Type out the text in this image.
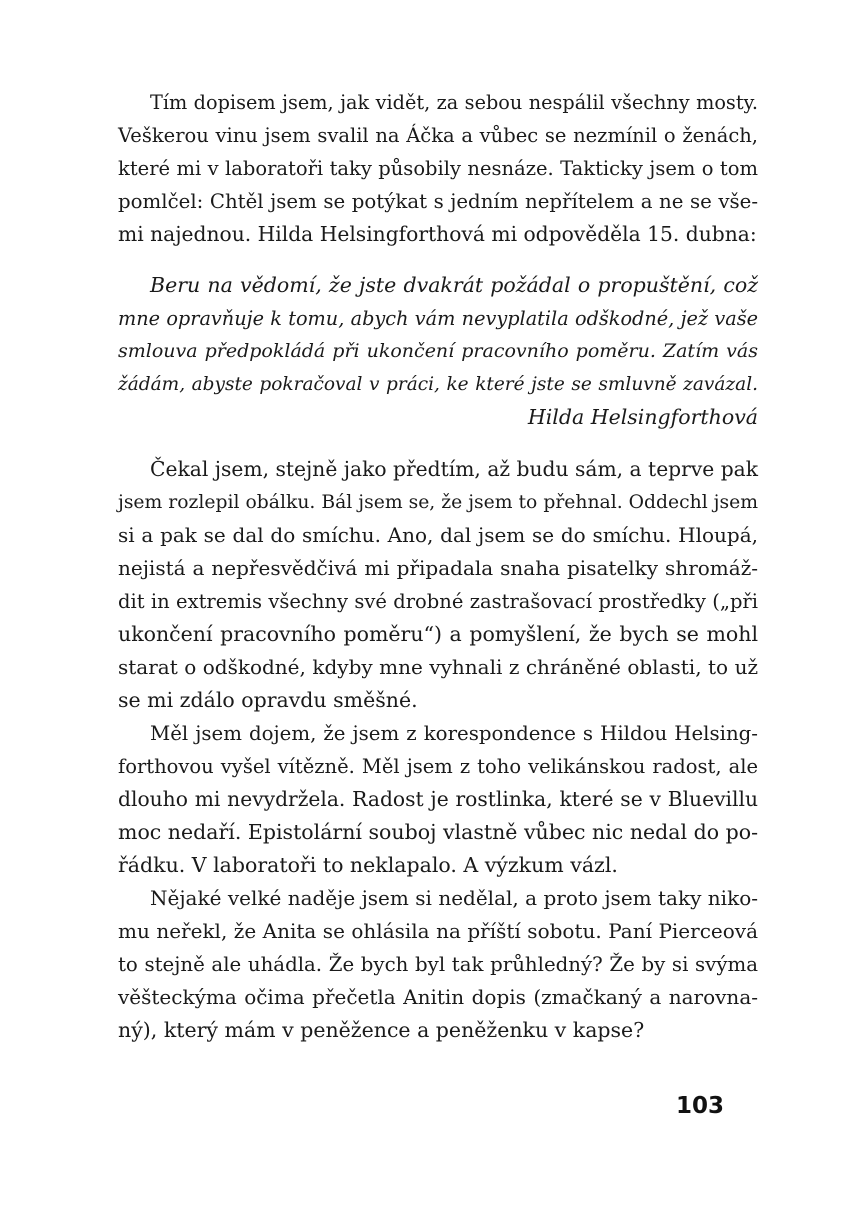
Tím dopisem jsem, jak vidět, za sebou nespálil všechny mosty.
Veškerou vinu jsem svalil na Áčka a vůbec se nezmínil o ženách,
které mi v laboratoři taky působily nesnáze. Takticky jsem o tom
pomlčel: Chtěl jsem se potýkat s jedním nepřítelem a ne se vše-
mi najednou. Hilda Helsingforthová mi odpověděla 15. dubna:
Beru na vědomí, že jste dvakrát požádal o propuštění, což
mne opravňuje k tomu, abych vám nevyplatila odškodné, jež vaše
smlouva předpokládá při ukončení pracovního poměru. Zatím vás
žádám, abyste pokračoval v práci, ke které jste se smluvně zavázal.
Hilda Helsingforthová
Čekal jsem, stejně jako předtím, až budu sám, a teprve pak
jsem rozlepil obálku. Bál jsem se, že jsem to přehnal. Oddechl jsem
si a pak se dal do smíchu. Ano, dal jsem se do smíchu. Hloupá,
nejistá a nepřesvědčivá mi připadala snaha pisatelky shromáž-
dit in extremis všechny své drobné zastrašovací prostředky („při
ukončení pracovního poměru“) a pomyšlení, že bych se mohl
starat o odškodné, kdyby mne vyhnali z chráněné oblasti, to už
se mi zdálo opravdu směšné.
Měl jsem dojem, že jsem z korespondence s Hildou Helsing-
forthovou vyšel vítězně. Měl jsem z toho velikánskou radost, ale
dlouho mi nevydržela. Radost je rostlinka, které se v Bluevillu
moc nedaří. Epistolární souboj vlastně vůbec nic nedal do po-
řádku. V laboratoři to neklapalo. A výzkum vázl.
Nějaké velké naděje jsem si nedělal, a proto jsem taky niko-
mu neřekl, že Anita se ohlásila na příští sobotu. Paní Pierceová
to stejně ale uhádla. Že bych byl tak průhledný? Že by si svýma
věšteckýma očima přečetla Anitin dopis (zmačkaný a narovna-
ný), který mám v peněžence a peněženku v kapse?
103
